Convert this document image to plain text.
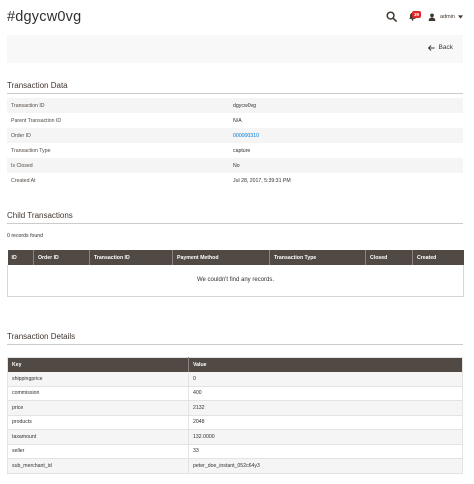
#dgycw0vg	39	admin
Back
Transaction Data
Transaction ID	dgycw0vg
Parent Transaction ID	N/A
Order ID	000000310
Transaction Type	capture
Is Closed	No
Created At	Jul 28, 2017, 5:39:31 PM
Child Transactions
0 records found
ID	Order ID	Transaction ID	Payment Method	Transaction Type	Closed	Created
We couldn't find any records.
Transaction Details
Key	Value
shippingprice	0
commission	400
price	2132
products	2048
taxamount	132.0000
seller	33
sub_merchant_id	peter_doe_instant_052c64y3
